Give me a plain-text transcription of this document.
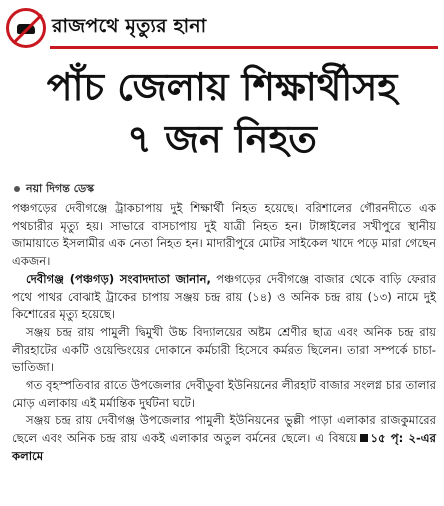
রাজপথে মৃত্যুর হানা
পাঁচ জেলায় শিক্ষার্থীসহ
৭ জন নিহত
নয়া দিগন্ত ডেস্ক

পঞ্চগড়ের দেবীগঞ্জে ট্রাকচাপায় দুই শিক্ষার্থী নিহত হয়েছে। বরিশালের গৌরনদীতে এক পথচারীর মৃত্যু হয়। সাভারে বাসচাপায় দুই যাত্রী নিহত হন। টাঙ্গাইলের সখীপুরে স্থানীয় জামায়াতে ইসলামীর এক নেতা নিহত হন। মাদারীপুরে মোটর সাইকেল খাদে পড়ে মারা গেছেন একজন।

দেবীগঞ্জ (পঞ্চগড়) সংবাদদাতা জানান, পঞ্চগড়ের দেবীগঞ্জে বাজার থেকে বাড়ি ফেরার পথে পাথর বোঝাই ট্রাকের চাপায় সঞ্জয় চন্দ্র রায় (১৪) ও অনিক চন্দ্র রায় (১৩) নামে দুই কিশোরের মৃত্যু হয়েছে।

সঞ্জয় চন্দ্র রায় পামুলী দ্বিমুখী উচ্চ বিদ্যালয়ের অষ্টম শ্রেণীর ছাত্র এবং অনিক চন্দ্র রায় লীরহাটের একটি ওয়েল্ডিংয়ের দোকানে কর্মচারী হিসেবে কর্মরত ছিলেন। তারা সম্পর্কে চাচা-ভাতিজা।

গত বৃহস্পতিবার রাতে উপজেলার দেবীডুবা ইউনিয়নের লীরহাট বাজার সংলগ্ন চার তালার মোড় এলাকায় এই মর্মান্তিক দুর্ঘটনা ঘটে।

সঞ্জয় চন্দ্র রায় দেবীগঞ্জ উপজেলার পামুলী ইউনিয়নের ভুল্লী পাড়া এলাকার রাজকুমারের ছেলে এবং অনিক চন্দ্র রায় একই এলাকার অতুল বর্মনের ছেলে। এ বিষয়ে ১৫ পৃ: ২-এর কলামে
